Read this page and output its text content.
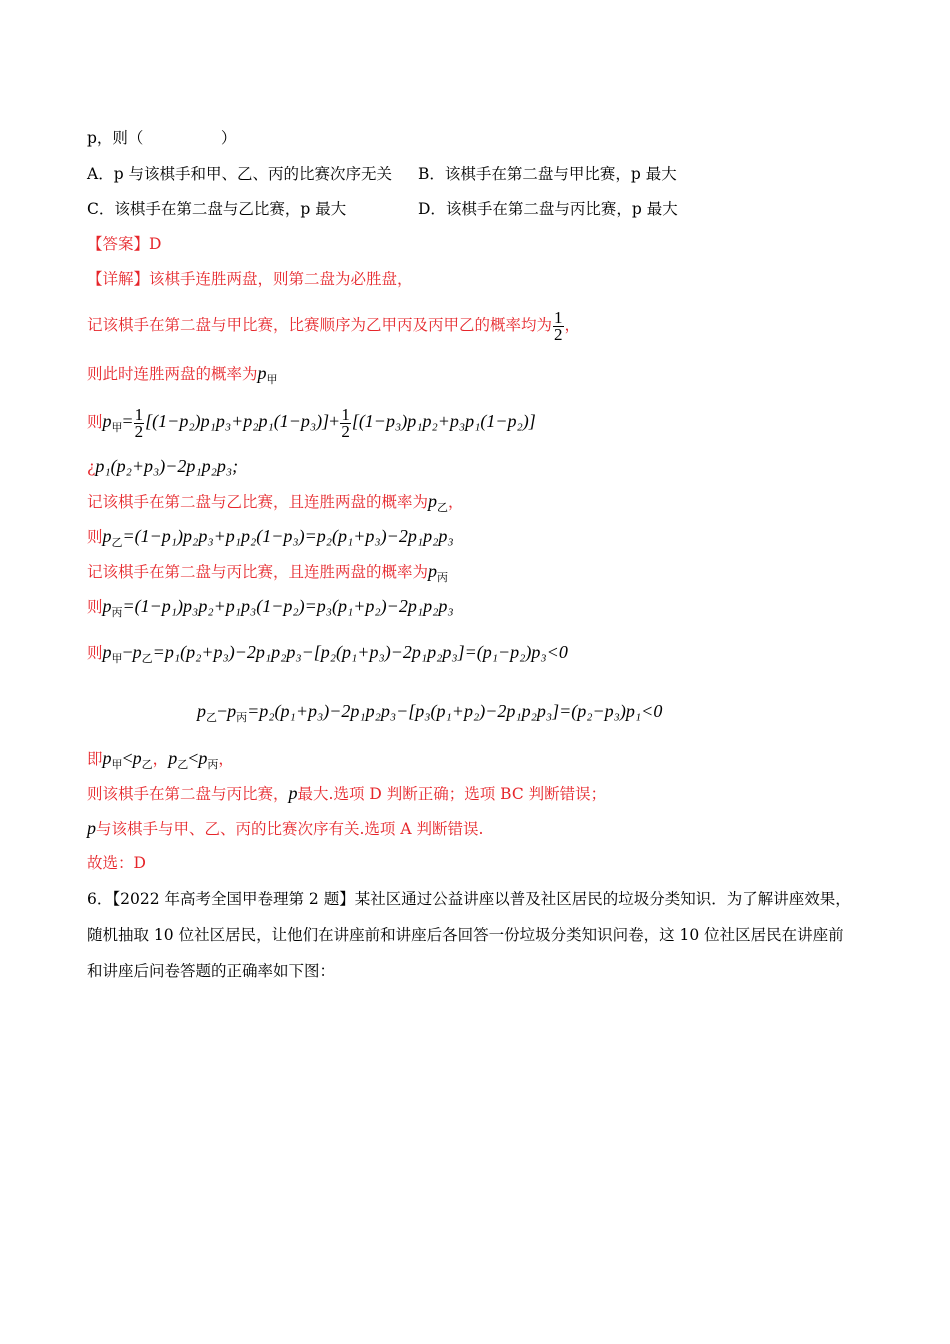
p，则（　　　　　）
A．p 与该棋手和甲、乙、丙的比赛次序无关 B．该棋手在第二盘与甲比赛，p 最大
C．该棋手在第二盘与乙比赛，p 最大	D．该棋手在第二盘与丙比赛，p 最大
【答案】D
【详解】该棋手连胜两盘，则第二盘为必胜盘，
记该棋手在第二盘与甲比赛，比赛顺序为乙甲丙及丙甲乙的概率均为 $\frac{1}{2}$ ，
则此时连胜两盘的概率为$p_甲$
则$p_甲= \frac{1}{2} [(1-p_2)p_1p_3+p_2p_1(1-p_3)]+ \frac{1}{2} [(1-p_3)p_1p_2+p_3p_1(1-p_2)]$
¿p₁(p₂+p₃)−2p₁p₂p₃;
记该棋手在第二盘与乙比赛，且连胜两盘的概率为$p_乙$，
则$p_乙=(1-p_1)p_2p_3+p_1p_2(1-p_3)=p_2(p_1+p_3)-2p_1p_2p_3$
记该棋手在第二盘与丙比赛，且连胜两盘的概率为$p_丙$
则$p_丙=(1-p_1)p_3p_2+p_1p_3(1-p_2)=p_3(p_1+p_2)-2p_1p_2p_3$
则$p_甲-p_乙=p_1(p_2+p_3)-2p_1p_2p_3-[p_2(p_1+p_3)-2p_1p_2p_3]=(p_1-p_2)p_3<0$
$p_乙-p_丙=p_2(p_1+p_3)-2p_1p_2p_3-[p_3(p_1+p_2)-2p_1p_2p_3]=(p_2-p_3)p_1<0$
即$p_甲<p_乙$，$p_乙<p_丙$，
则该棋手在第二盘与丙比赛，p最大.选项 D 判断正确；选项 BC 判断错误；
p与该棋手与甲、乙、丙的比赛次序有关.选项 A 判断错误.
故选：D
6．【2022 年高考全国甲卷理第 2 题】某社区通过公益讲座以普及社区居民的垃圾分类知识．为了解讲座效果，随机抽取 10 位社区居民，让他们在讲座前和讲座后各回答一份垃圾分类知识问卷，这 10 位社区居民在讲座前和讲座后问卷答题的正确率如下图：
